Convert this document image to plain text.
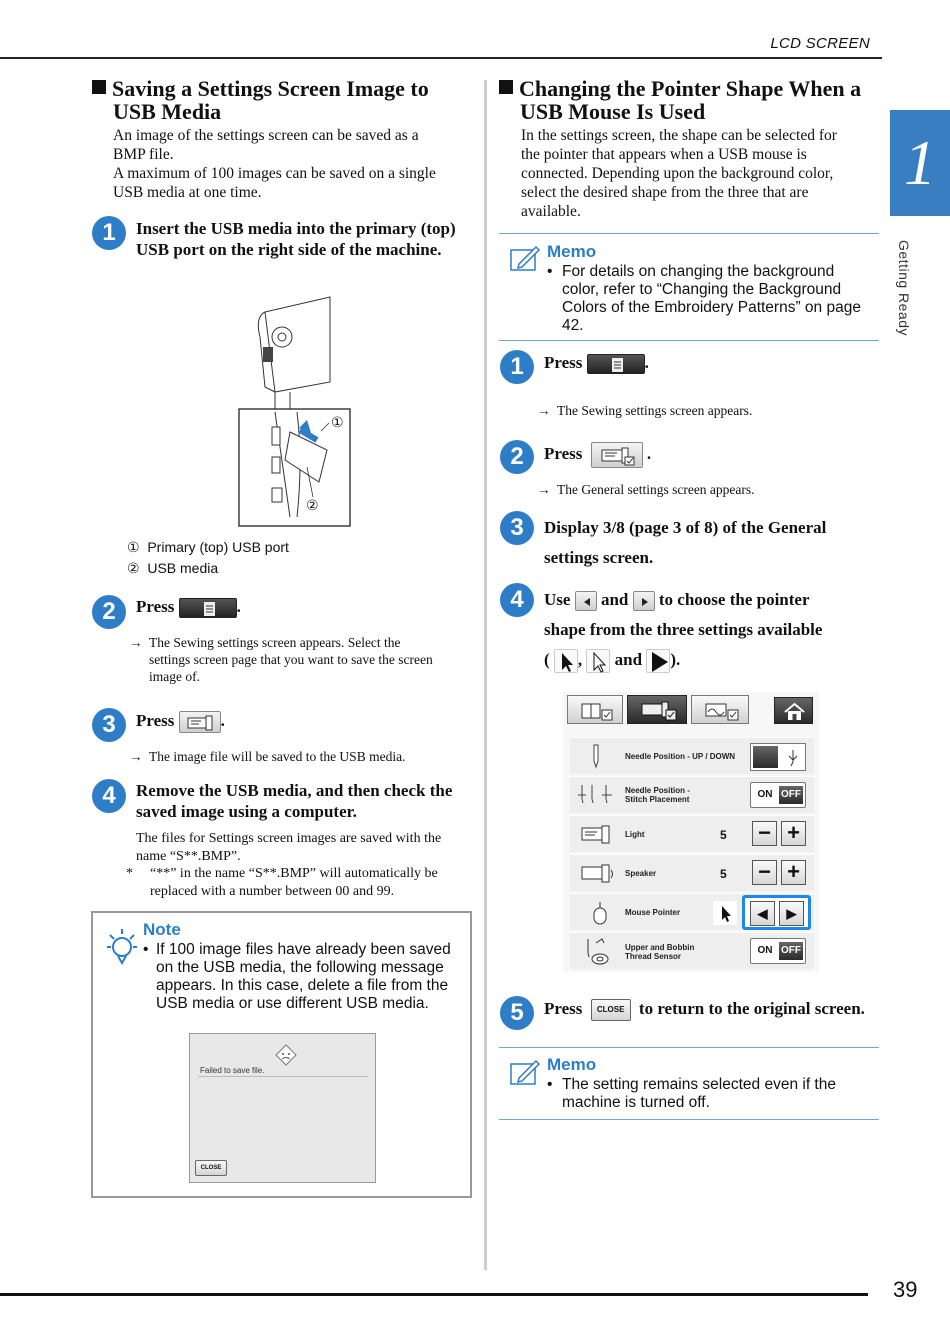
LCD SCREEN
1
Getting Ready
Saving a Settings Screen Image to
USB Media
An image of the settings screen can be saved as a
BMP file.
A maximum of 100 images can be saved on a single
USB media at one time.
1	Insert the USB media into the primary (top)
USB port on the right side of the machine.
①
②
① Primary (top) USB port
② USB media
2	Press	.
→ The Sewing settings screen appears. Select the
settings screen page that you want to save the screen
image of.
3	Press	.
→ The image file will be saved to the USB media.
4	Remove the USB media, and then check the
saved image using a computer.
The files for Settings screen images are saved with the
name “S**.BMP”.
* “**” in the name “S**.BMP” will automatically be
replaced with a number between 00 and 99.
Note
• If 100 image files have already been saved
on the USB media, the following message
appears. In this case, delete a file from the
USB media or use different USB media.
Failed to save file.
CLOSE
Changing the Pointer Shape When a
USB Mouse Is Used
In the settings screen, the shape can be selected for
the pointer that appears when a USB mouse is
connected. Depending upon the background color,
select the desired shape from the three that are
available.
Memo
• For details on changing the background
color, refer to “Changing the Background
Colors of the Embroidery Patterns” on page
42.
1	Press	.
→ The Sewing settings screen appears.
2	Press	.
→ The General settings screen appears.
3	Display 3/8 (page 3 of 8) of the General
settings screen.
4	Use and to choose the pointer
shape from the three settings available
( , and ).
Needle Position - UP / DOWN
Needle Position -
Stitch Placement	ON OFF
Light	5 − +
Speaker	5 − +
Mouse Pointer	◀	▶
Upper and Bobbin
Thread Sensor
ON OFF
5	Press CLOSE to return to the original screen.
Memo
• The setting remains selected even if the
machine is turned off.
39
